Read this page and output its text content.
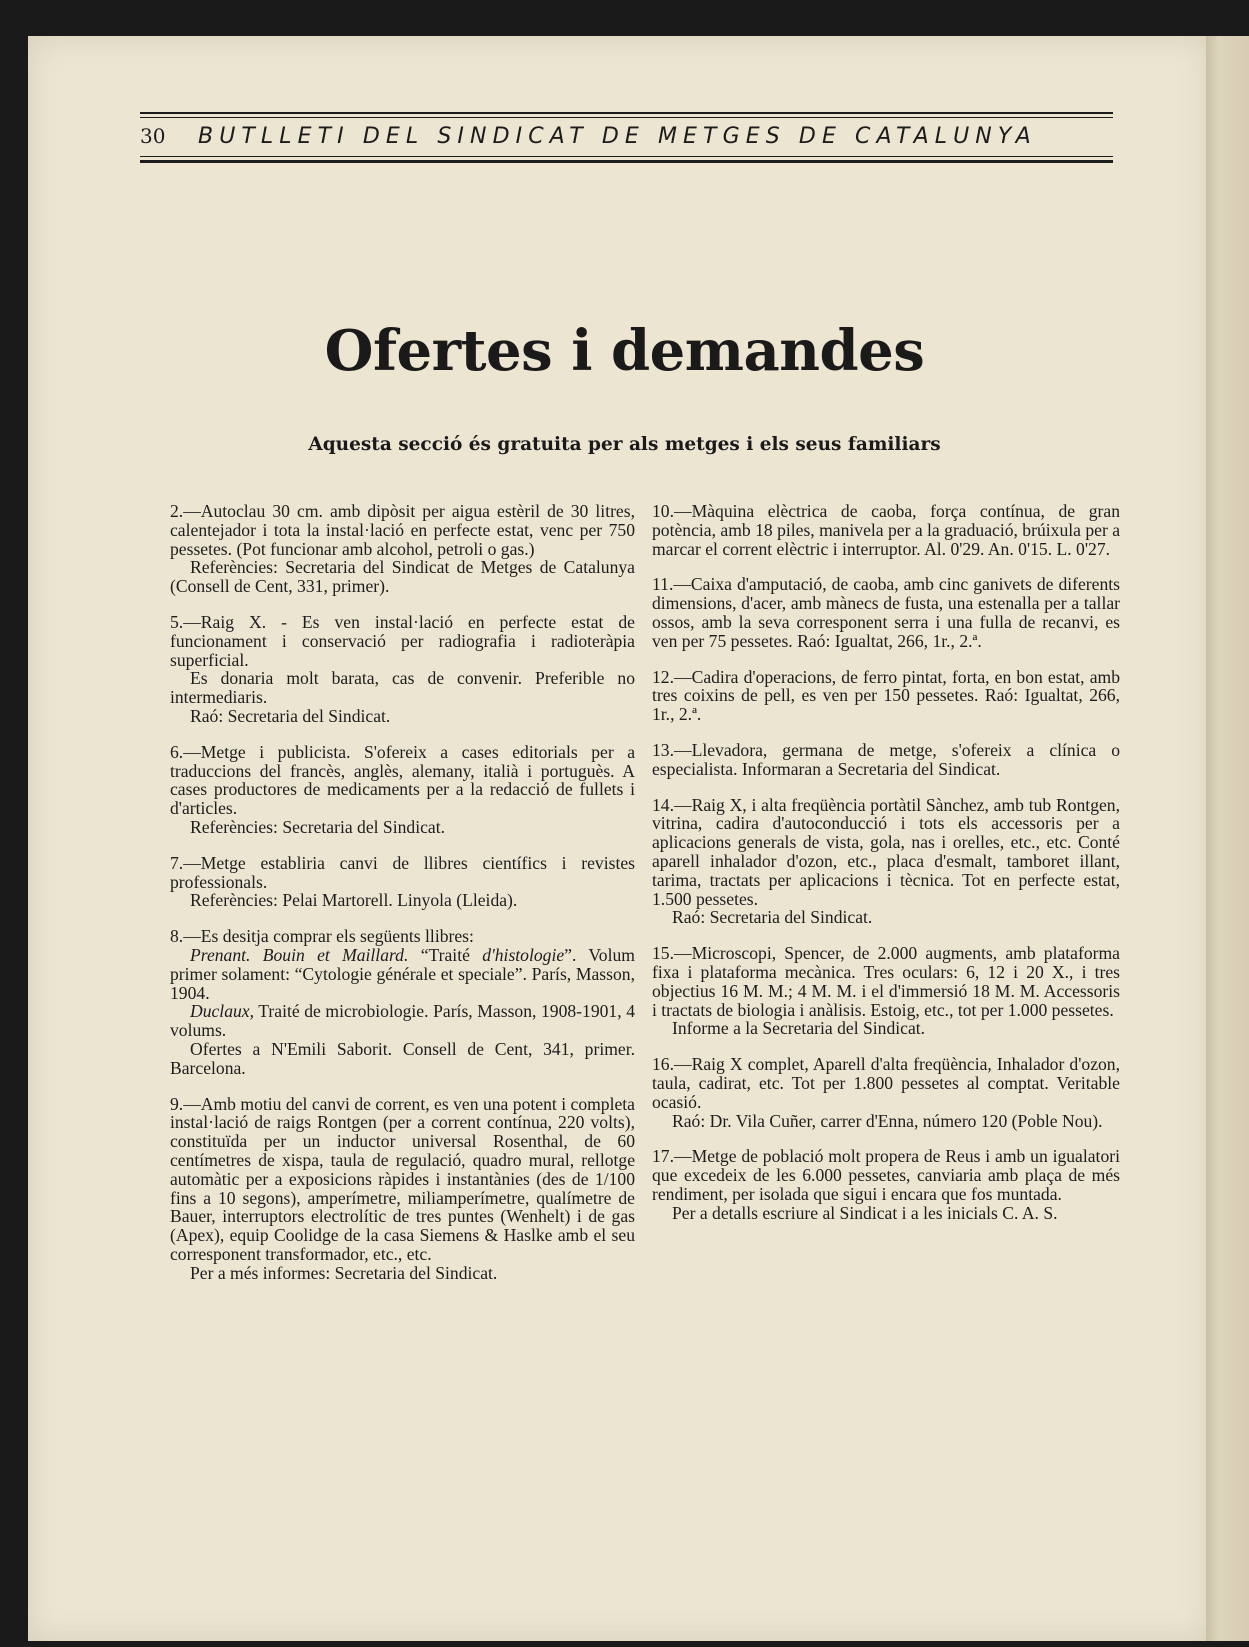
30 BUTLLETI DEL SINDICAT DE METGES DE CATALUNYA
Ofertes i demandes
Aquesta secció és gratuita per als metges i els seus familiars

2.—Autoclau 30 cm. amb dipòsit per aigua estèril de 30 litres, calentejador i tota la instal·lació en perfecte estat, venc per 750 pessetes. (Pot funcionar amb alcohol, petroli o gas.)

Referències: Secretaria del Sindicat de Metges de Catalunya (Consell de Cent, 331, primer).

5.—Raig X. - Es ven instal·lació en perfecte estat de funcionament i conservació per radiografia i radioteràpia superficial.

Es donaria molt barata, cas de convenir. Preferible no intermediaris.

Raó: Secretaria del Sindicat.

6.—Metge i publicista. S'ofereix a cases editorials per a traduccions del francès, anglès, alemany, italià i portuguès. A cases productores de medicaments per a la redacció de fullets i d'articles.

Referències: Secretaria del Sindicat.

7.—Metge establiria canvi de llibres científics i revistes professionals.

Referències: Pelai Martorell. Linyola (Lleida).

8.—Es desitja comprar els següents llibres:

Prenant. Bouin et Maillard. “Traité d'histologie”. Volum primer solament: “Cytologie générale et speciale”. París, Masson, 1904.

Duclaux, Traité de microbiologie. París, Masson, 1908-1901, 4 volums.

Ofertes a N'Emili Saborit. Consell de Cent, 341, primer. Barcelona.

9.—Amb motiu del canvi de corrent, es ven una potent i completa instal·lació de raigs Rontgen (per a corrent contínua, 220 volts), constituïda per un inductor universal Rosenthal, de 60 centímetres de xispa, taula de regulació, quadro mural, rellotge automàtic per a exposicions ràpides i instantànies (des de 1/100 fins a 10 segons), amperímetre, miliamperímetre, qualímetre de Bauer, interruptors electrolític de tres puntes (Wenhelt) i de gas (Apex), equip Coolidge de la casa Siemens & Haslke amb el seu corresponent transformador, etc., etc.

Per a més informes: Secretaria del Sindicat.

10.—Màquina elèctrica de caoba, força contínua, de gran potència, amb 18 piles, manivela per a la graduació, brúixula per a marcar el corrent elèctric i interruptor. Al. 0'29. An. 0'15. L. 0'27.

11.—Caixa d'amputació, de caoba, amb cinc ganivets de diferents dimensions, d'acer, amb mànecs de fusta, una estenalla per a tallar ossos, amb la seva corresponent serra i una fulla de recanvi, es ven per 75 pessetes. Raó: Igualtat, 266, 1r., 2.ª.

12.—Cadira d'operacions, de ferro pintat, forta, en bon estat, amb tres coixins de pell, es ven per 150 pessetes. Raó: Igualtat, 266, 1r., 2.ª.

13.—Llevadora, germana de metge, s'ofereix a clínica o especialista. Informaran a Secretaria del Sindicat.

14.—Raig X, i alta freqüència portàtil Sànchez, amb tub Rontgen, vitrina, cadira d'autoconducció i tots els accessoris per a aplicacions generals de vista, gola, nas i orelles, etc., etc. Conté aparell inhalador d'ozon, etc., placa d'esmalt, tamboret illant, tarima, tractats per aplicacions i tècnica. Tot en perfecte estat, 1.500 pessetes.

Raó: Secretaria del Sindicat.

15.—Microscopi, Spencer, de 2.000 augments, amb plataforma fixa i plataforma mecànica. Tres oculars: 6, 12 i 20 X., i tres objectius 16 M. M.; 4 M. M. i el d'immersió 18 M. M. Accessoris i tractats de biologia i anàlisis. Estoig, etc., tot per 1.000 pessetes.

Informe a la Secretaria del Sindicat.

16.—Raig X complet, Aparell d'alta freqüència, Inhalador d'ozon, taula, cadirat, etc. Tot per 1.800 pessetes al comptat. Veritable ocasió.

Raó: Dr. Vila Cuñer, carrer d'Enna, número 120 (Poble Nou).

17.—Metge de població molt propera de Reus i amb un igualatori que excedeix de les 6.000 pessetes, canviaria amb plaça de més rendiment, per isolada que sigui i encara que fos muntada.

Per a detalls escriure al Sindicat i a les inicials C. A. S.
